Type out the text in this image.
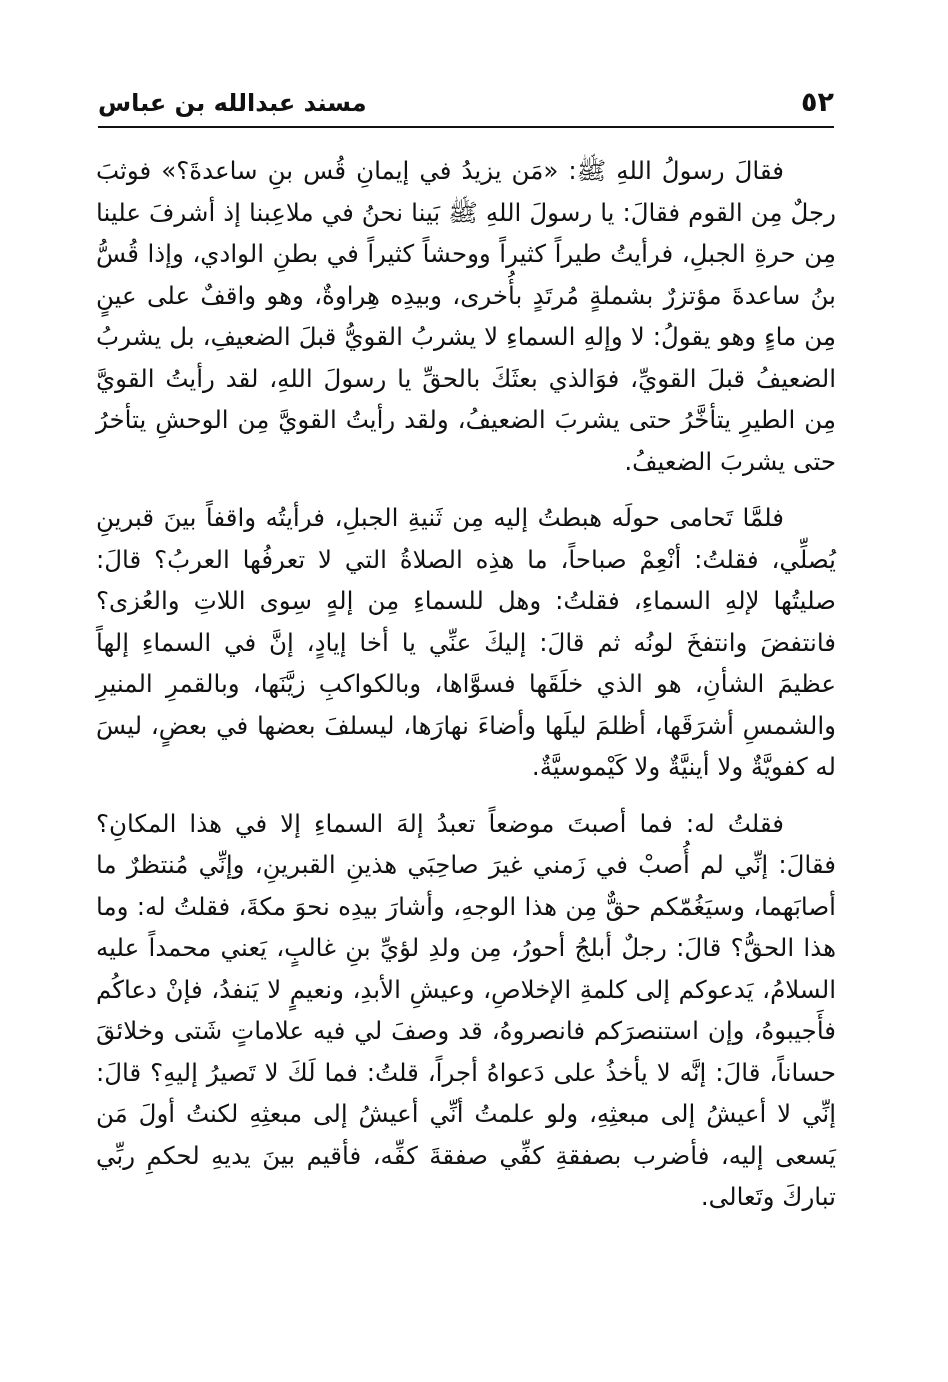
٥٢
مسند عبدالله بن عباس

فقالَ رسولُ اللهِ ﷺ: «مَن يزيدُ في إيمانِ قُس بنِ ساعدةَ؟» فوثبَ رجلٌ مِن القوم فقالَ: يا رسولَ اللهِ ﷺ بَينا نحنُ في ملاعِبنا إذ أشرفَ علينا مِن حرةِ الجبلِ، فرأيتُ طيراً كثيراً ووحشاً كثيراً في بطنِ الوادي، وإذا قُسُّ بنُ ساعدةَ مؤتزرٌ بشملةٍ مُرتَدٍ بأُخرى، وبيدِه هِراوةٌ، وهو واقفٌ على عينٍ مِن ماءٍ وهو يقولُ: لا وإلهِ السماءِ لا يشربُ القويُّ قبلَ الضعيفِ، بل يشربُ الضعيفُ قبلَ القويِّ، فوَالذي بعثَكَ بالحقِّ يا رسولَ اللهِ، لقد رأيتُ القويَّ مِن الطيرِ يتأخَّرُ حتى يشربَ الضعيفُ، ولقد رأيتُ القويَّ مِن الوحشِ يتأخرُ حتى يشربَ الضعيفُ.

فلمَّا تَحامى حولَه هبطتُ إليه مِن ثَنيةِ الجبلِ، فرأيتُه واقفاً بينَ قبرينِ يُصلِّي، فقلتُ: أنْعِمْ صباحاً، ما هذِه الصلاةُ التي لا تعرفُها العربُ؟ قالَ: صليتُها لإلهِ السماءِ، فقلتُ: وهل للسماءِ مِن إلهٍ سِوى اللاتِ والعُزى؟ فانتفضَ وانتفخَ لونُه ثم قالَ: إليكَ عنِّي يا أخا إيادٍ، إنَّ في السماءِ إلهاً عظيمَ الشأنِ، هو الذي خلَقَها فسوَّاها، وبالكواكبِ زيَّنَها، وبالقمرِ المنيرِ والشمسِ أشرَقَها، أظلمَ ليلَها وأضاءَ نهارَها، ليسلفَ بعضها في بعضٍ، ليسَ له كفويَّةٌ ولا أينيَّةٌ ولا كَيْموسيَّةٌ.

فقلتُ له: فما أصبتَ موضعاً تعبدُ إلهَ السماءِ إلا في هذا المكانِ؟ فقالَ: إنِّي لم أُصبْ في زَمني غيرَ صاحِبَي هذينِ القبرينِ، وإنِّي مُنتظرٌ ما أصابَهما، وسيَغُمّكم حقٌّ مِن هذا الوجهِ، وأشارَ بيدِه نحوَ مكةَ، فقلتُ له: وما هذا الحقُّ؟ قالَ: رجلٌ أبلجُ أحورُ، مِن ولدِ لؤيِّ بنِ غالبٍ، يَعني محمداً عليه السلامُ، يَدعوكم إلى كلمةِ الإخلاصِ، وعيشِ الأبدِ، ونعيمٍ لا يَنفدُ، فإنْ دعاكُم فأَجيبوهُ، وإن استنصرَكم فانصروهُ، قد وصفَ لي فيه علاماتٍ شَتى وخلائقَ حساناً، قالَ: إنَّه لا يأخذُ على دَعواهُ أجراً، قلتُ: فما لَكَ لا تَصيرُ إليهِ؟ قالَ: إنِّي لا أعيشُ إلى مبعثِهِ، ولو علمتُ أنِّي أعيشُ إلى مبعثِهِ لكنتُ أولَ مَن يَسعى إليه، فأضرب بصفقةِ كفِّي صفقةَ كفِّه، فأقيم بينَ يديهِ لحكمِ ربِّي تباركَ وتَعالى.
